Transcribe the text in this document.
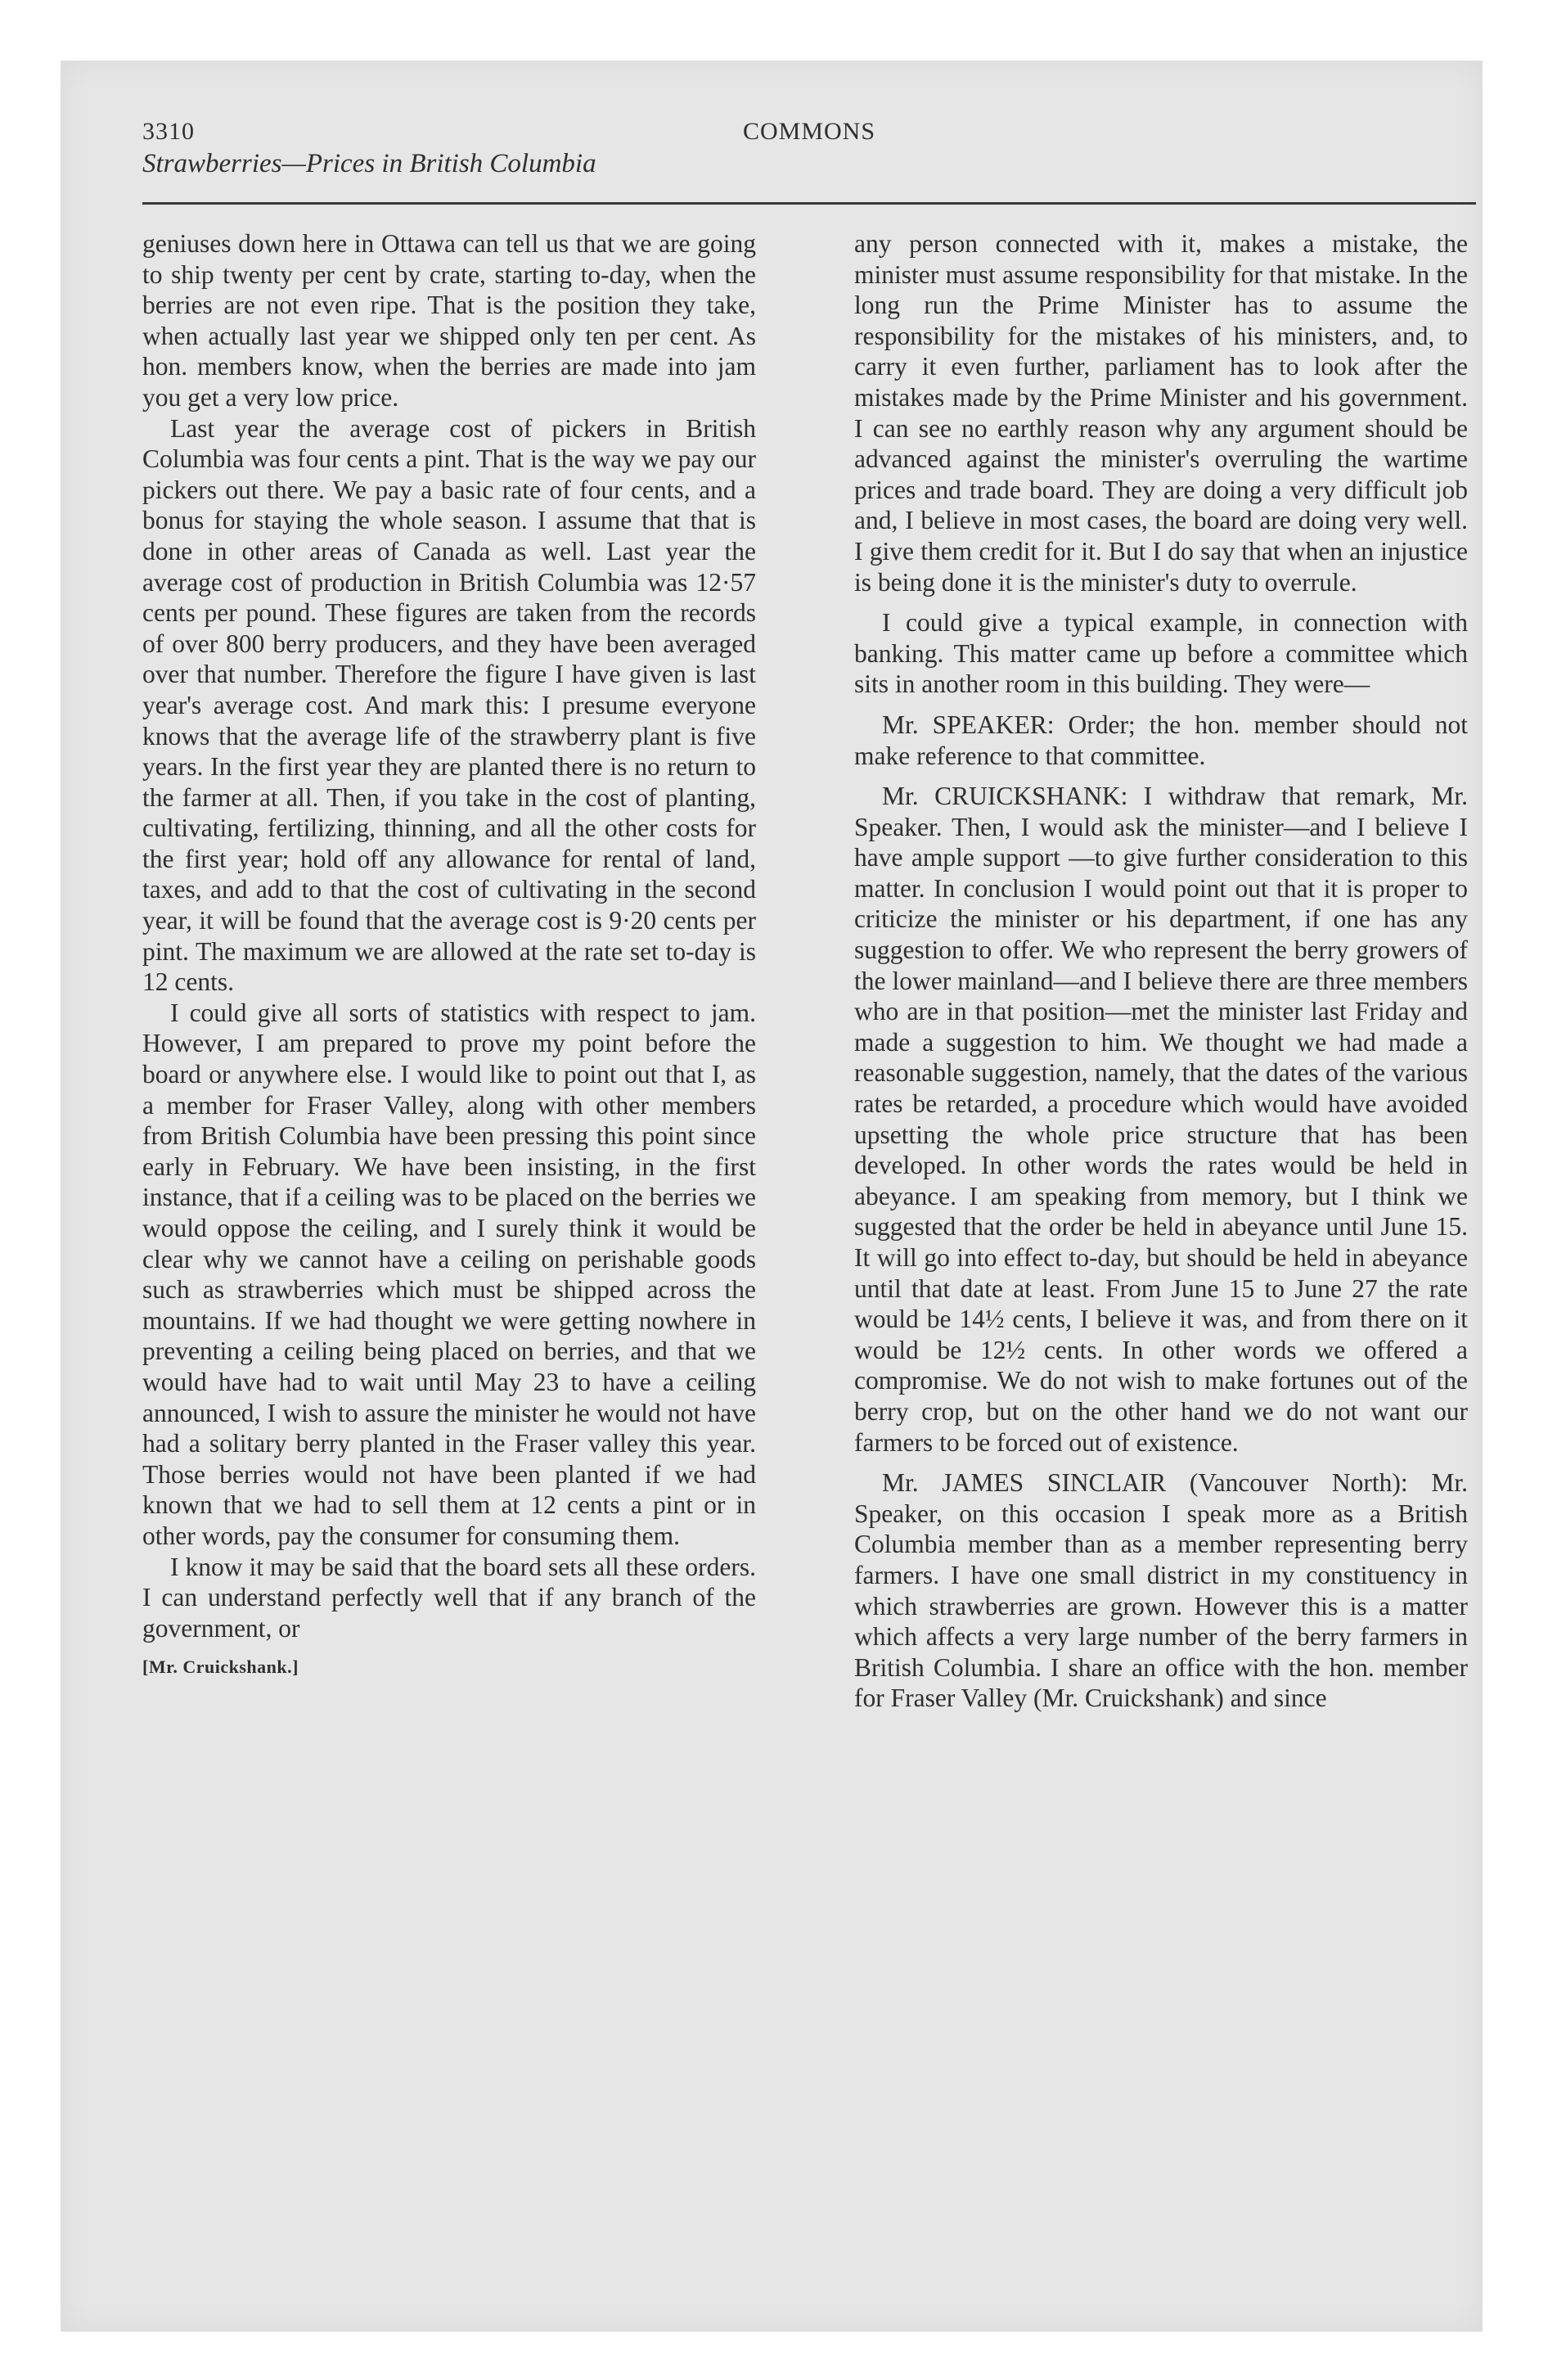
3310	COMMONS
Strawberries—Prices in British Columbia

geniuses down here in Ottawa can tell us that we are going to ship twenty per cent by crate, starting to-day, when the berries are not even ripe. That is the position they take, when actually last year we shipped only ten per cent. As hon. members know, when the berries are made into jam you get a very low price.

Last year the average cost of pickers in British Columbia was four cents a pint. That is the way we pay our pickers out there. We pay a basic rate of four cents, and a bonus for staying the whole season. I assume that that is done in other areas of Canada as well. Last year the average cost of production in British Columbia was 12·57 cents per pound. These figures are taken from the records of over 800 berry producers, and they have been averaged over that number. Therefore the figure I have given is last year's average cost. And mark this: I presume everyone knows that the average life of the strawberry plant is five years. In the first year they are planted there is no return to the farmer at all. Then, if you take in the cost of planting, cultivating, fertilizing, thinning, and all the other costs for the first year; hold off any allowance for rental of land, taxes, and add to that the cost of cultivating in the second year, it will be found that the average cost is 9·20 cents per pint. The maximum we are allowed at the rate set to-day is 12 cents.

I could give all sorts of statistics with respect to jam. However, I am prepared to prove my point before the board or anywhere else. I would like to point out that I, as a member for Fraser Valley, along with other members from British Columbia have been pressing this point since early in February. We have been insisting, in the first instance, that if a ceiling was to be placed on the berries we would oppose the ceiling, and I surely think it would be clear why we cannot have a ceiling on perishable goods such as strawberries which must be shipped across the mountains. If we had thought we were getting nowhere in preventing a ceiling being placed on berries, and that we would have had to wait until May 23 to have a ceiling announced, I wish to assure the minister he would not have had a solitary berry planted in the Fraser valley this year. Those berries would not have been planted if we had known that we had to sell them at 12 cents a pint or in other words, pay the consumer for consuming them.

I know it may be said that the board sets all these orders. I can understand perfectly well that if any branch of the government, or

[Mr. Cruickshank.]

any person connected with it, makes a mistake, the minister must assume responsibility for that mistake. In the long run the Prime Minister has to assume the responsibility for the mistakes of his ministers, and, to carry it even further, parliament has to look after the mistakes made by the Prime Minister and his government. I can see no earthly reason why any argument should be advanced against the minister's overruling the wartime prices and trade board. They are doing a very difficult job and, I believe in most cases, the board are doing very well. I give them credit for it. But I do say that when an injustice is being done it is the minister's duty to overrule.

I could give a typical example, in connection with banking. This matter came up before a committee which sits in another room in this building. They were—

Mr. SPEAKER: Order; the hon. member should not make reference to that committee.

Mr. CRUICKSHANK: I withdraw that remark, Mr. Speaker. Then, I would ask the minister—and I believe I have ample support —to give further consideration to this matter. In conclusion I would point out that it is proper to criticize the minister or his department, if one has any suggestion to offer. We who represent the berry growers of the lower mainland—and I believe there are three members who are in that position—met the minister last Friday and made a suggestion to him. We thought we had made a reasonable suggestion, namely, that the dates of the various rates be retarded, a procedure which would have avoided upsetting the whole price structure that has been developed. In other words the rates would be held in abeyance. I am speaking from memory, but I think we suggested that the order be held in abeyance until June 15. It will go into effect to-day, but should be held in abeyance until that date at least. From June 15 to June 27 the rate would be 14½ cents, I believe it was, and from there on it would be 12½ cents. In other words we offered a compromise. We do not wish to make fortunes out of the berry crop, but on the other hand we do not want our farmers to be forced out of existence.

Mr. JAMES SINCLAIR (Vancouver North): Mr. Speaker, on this occasion I speak more as a British Columbia member than as a member representing berry farmers. I have one small district in my constituency in which strawberries are grown. However this is a matter which affects a very large number of the berry farmers in British Columbia. I share an office with the hon. member for Fraser Valley (Mr. Cruickshank) and since
